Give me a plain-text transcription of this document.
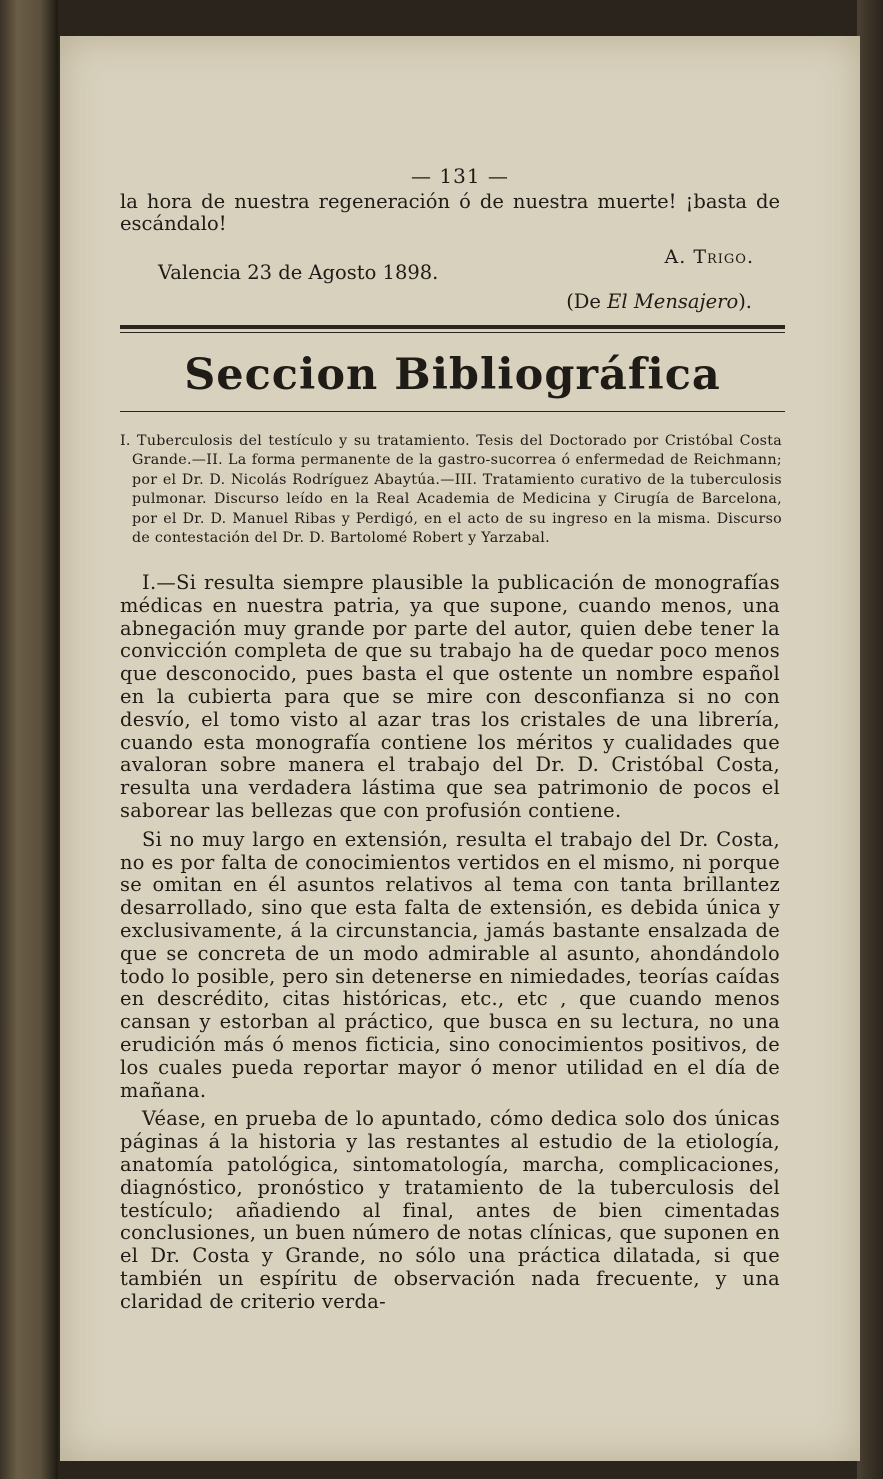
— 131 —
la hora de nuestra regeneración ó de nuestra muerte! ¡basta de escándalo!
Valencia 23 de Agosto 1898.
A. Trigo.
(De El Mensajero).
Seccion Bibliográfica

I. Tuberculosis del testículo y su tratamiento. Tesis del Doctorado por Cristóbal Costa Grande.—II. La forma permanente de la gastro-sucorrea ó enfermedad de Reichmann; por el Dr. D. Nicolás Rodríguez Abaytúa.—III. Tratamiento curativo de la tuberculosis pulmonar. Discurso leído en la Real Academia de Medicina y Cirugía de Barcelona, por el Dr. D. Manuel Ribas y Perdigó, en el acto de su ingreso en la misma. Discurso de contestación del Dr. D. Bartolomé Robert y Yarzabal.

I.—Si resulta siempre plausible la publicación de monografías médicas en nuestra patria, ya que supone, cuando menos, una abnegación muy grande por parte del autor, quien debe tener la convicción completa de que su trabajo ha de quedar poco menos que desconocido, pues basta el que ostente un nombre español en la cubierta para que se mire con desconfianza si no con desvío, el tomo visto al azar tras los cristales de una librería, cuando esta monografía contiene los méritos y cualidades que avaloran sobre manera el trabajo del Dr. D. Cristóbal Costa, resulta una verdadera lástima que sea patrimonio de pocos el saborear las bellezas que con profusión contiene.

Si no muy largo en extensión, resulta el trabajo del Dr. Costa, no es por falta de conocimientos vertidos en el mismo, ni porque se omitan en él asuntos relativos al tema con tanta brillantez desarrollado, sino que esta falta de extensión, es debida única y exclusivamente, á la circunstancia, jamás bastante ensalzada de que se concreta de un modo admirable al asunto, ahondándolo todo lo posible, pero sin detenerse en nimiedades, teorías caídas en descrédito, citas históricas, etc., etc , que cuando menos cansan y estorban al práctico, que busca en su lectura, no una erudición más ó menos ficticia, sino conocimientos positivos, de los cuales pueda reportar mayor ó menor utilidad en el día de mañana.

Véase, en prueba de lo apuntado, cómo dedica solo dos únicas páginas á la historia y las restantes al estudio de la etiología, anatomía patológica, sintomatología, marcha, complicaciones, diagnóstico, pronóstico y tratamiento de la tuberculosis del testículo; añadiendo al final, antes de bien cimentadas conclusiones, un buen número de notas clínicas, que suponen en el Dr. Costa y Grande, no sólo una práctica dilatada, si que también un espíritu de observación nada frecuente, y una claridad de criterio verda-
